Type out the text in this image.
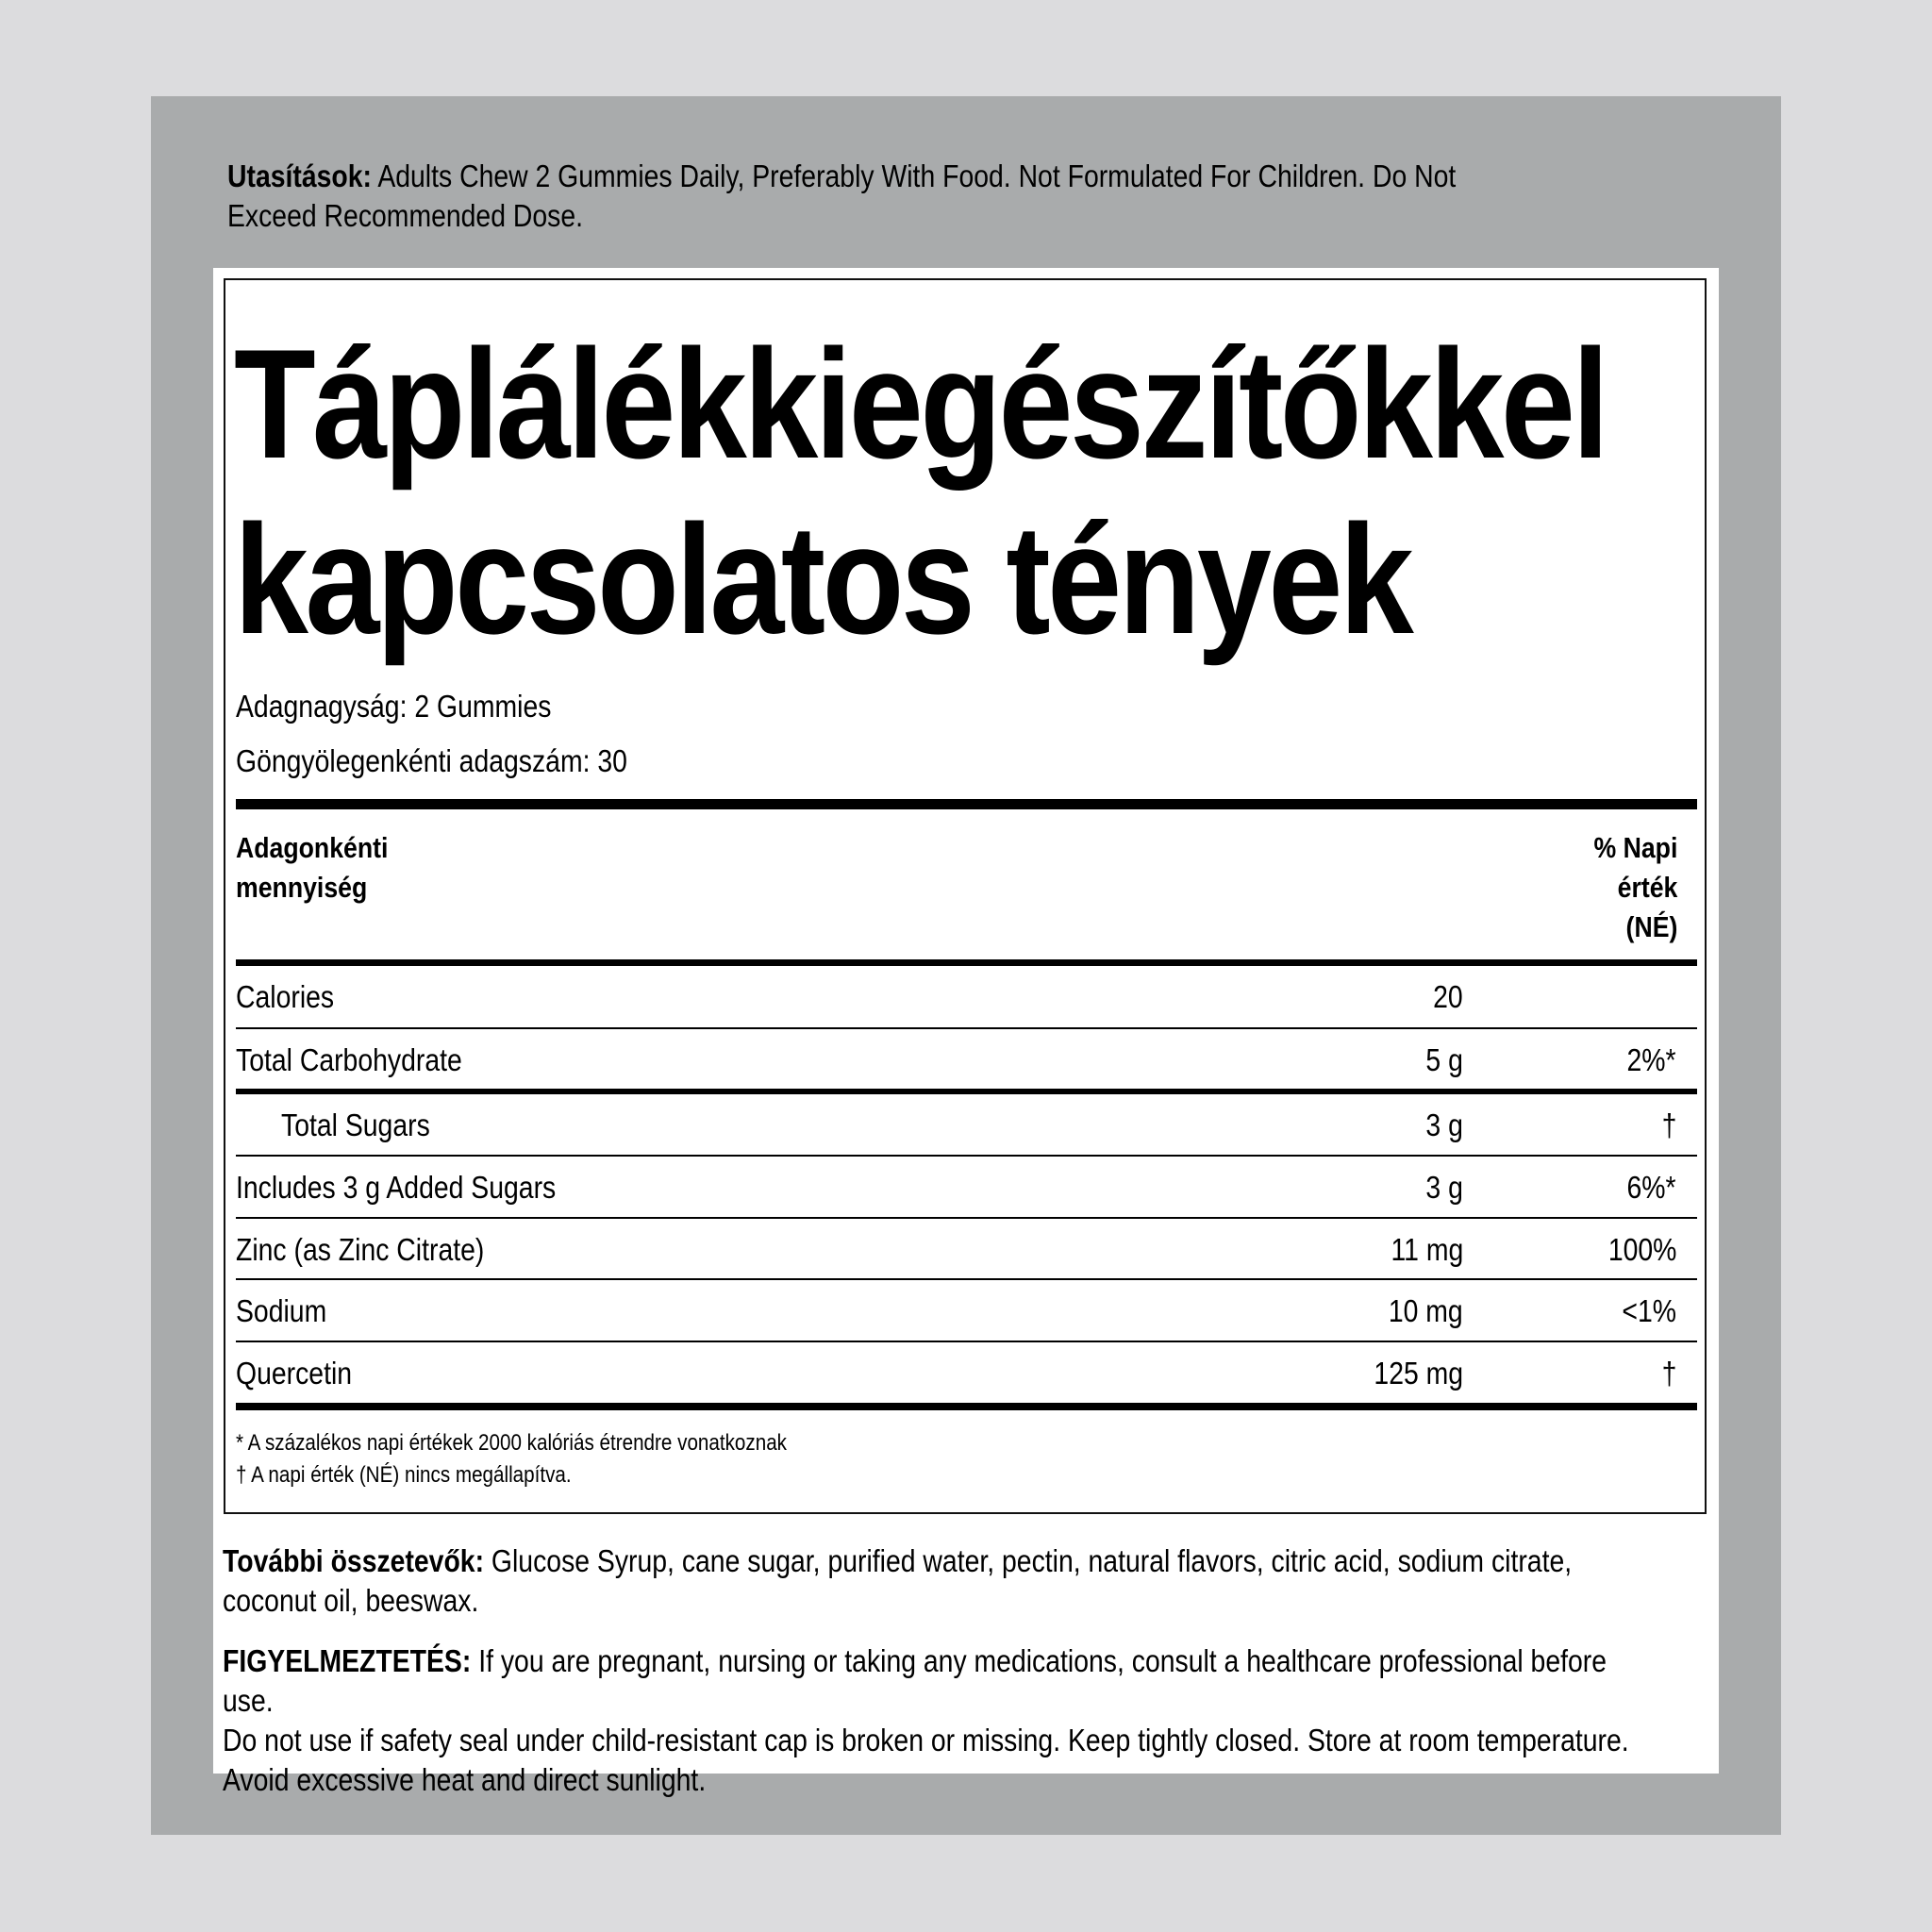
Utasítások: Adults Chew 2 Gummies Daily, Preferably With Food. Not Formulated For Children. Do Not
Exceed Recommended Dose.
Táplálékkiegészítőkkel
kapcsolatos tények
Adagnagyság: 2 Gummies
Göngyölegenkénti adagszám: 30
Adagonkénti
mennyiség
% Napi
érték
(NÉ)
Calories	20
Total Carbohydrate	5 g	2%*
Total Sugars	3 g	†
Includes 3 g Added Sugars	3 g	6%*
Zinc (as Zinc Citrate)	11 mg	100%
Sodium	10 mg	<1%
Quercetin	125 mg	†
* A százalékos napi értékek 2000 kalóriás étrendre vonatkoznak
† A napi érték (NÉ) nincs megállapítva.
További összetevők: Glucose Syrup, cane sugar, purified water, pectin, natural flavors, citric acid, sodium citrate,
coconut oil, beeswax.
FIGYELMEZTETÉS: If you are pregnant, nursing or taking any medications, consult a healthcare professional before use.
Do not use if safety seal under child-resistant cap is broken or missing. Keep tightly closed. Store at room temperature.
Avoid excessive heat and direct sunlight.
